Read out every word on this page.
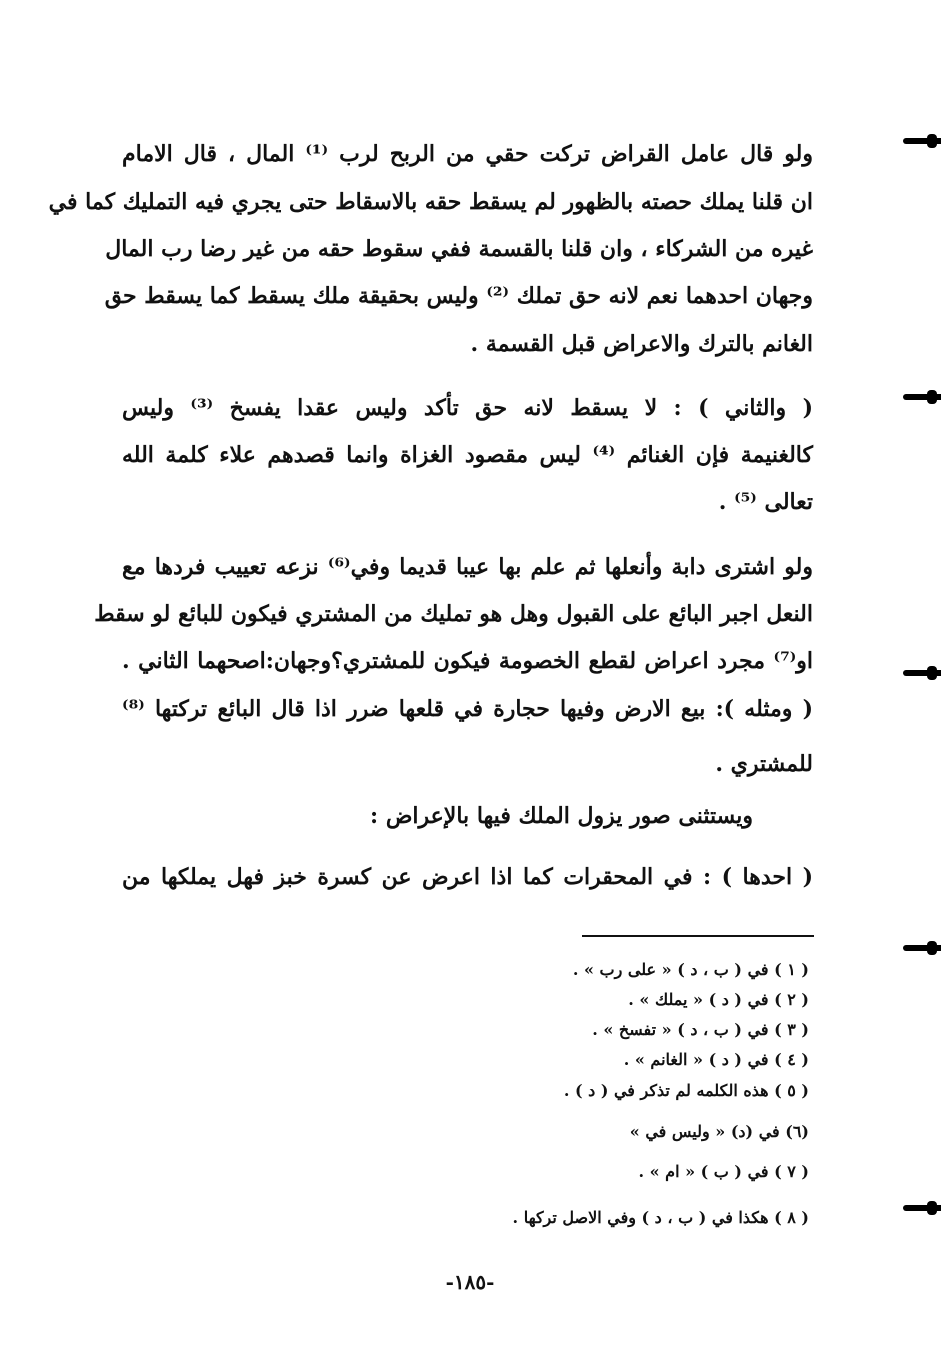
ولو قال عامل القراض تركت حقي من الربح لرب ⁽¹⁾ المال ، قال الامام

ان قلنا يملك حصته بالظهور لم يسقط حقه بالاسقاط حتى يجري فيه التمليك كما في

غيره من الشركاء ، وان قلنا بالقسمة ففي سقوط حقه من غير رضا رب المال

وجهان احدهما نعم لانه حق تملك ⁽²⁾ وليس بحقيقة ملك يسقط كما يسقط حق

الغانم بالترك والاعراض قبل القسمة .

( والثاني ) : لا يسقط لانه حق تأكد وليس عقدا يفسخ ⁽³⁾ وليس

كالغنيمة فإن الغنائم ⁽⁴⁾ ليس مقصود الغزاة وانما قصدهم علاء كلمة الله

تعالى ⁽⁵⁾ .

ولو اشترى دابة وأنعلها ثم علم بها عيبا قديما وفي⁽⁶⁾ نزعه تعييب فردها مع

النعل اجبر البائع على القبول وهل هو تمليك من المشتري فيكون للبائع لو سقط

او⁽⁷⁾ مجرد اعراض لقطع الخصومة فيكون للمشتري؟وجهان:اصحهما الثاني .

( ومثله ): بيع الارض وفيها حجارة في قلعها ضرر اذا قال البائع تركتها ⁽⁸⁾

للمشتري .

ويستثنى صور يزول الملك فيها بالإعراض :

( احدها ) : في المحقرات كما اذا اعرض عن كسرة خبز فهل يملكها من

( ١ ) في ( ب ، د ) « على رب » .
( ٢ ) في ( د ) « يملك » .
( ٣ ) في ( ب ، د ) « تفسخ » .
( ٤ ) في ( د ) « الغانم » .
( ٥ ) هذه الكلمه لم تذكر في ( د ) .
(٦) في (د) « وليس في »
( ٧ ) في ( ب ) « ام » .
( ٨ ) هكذا في ( ب ، د ) وفي الاصل تركها .
-١٨٥-
